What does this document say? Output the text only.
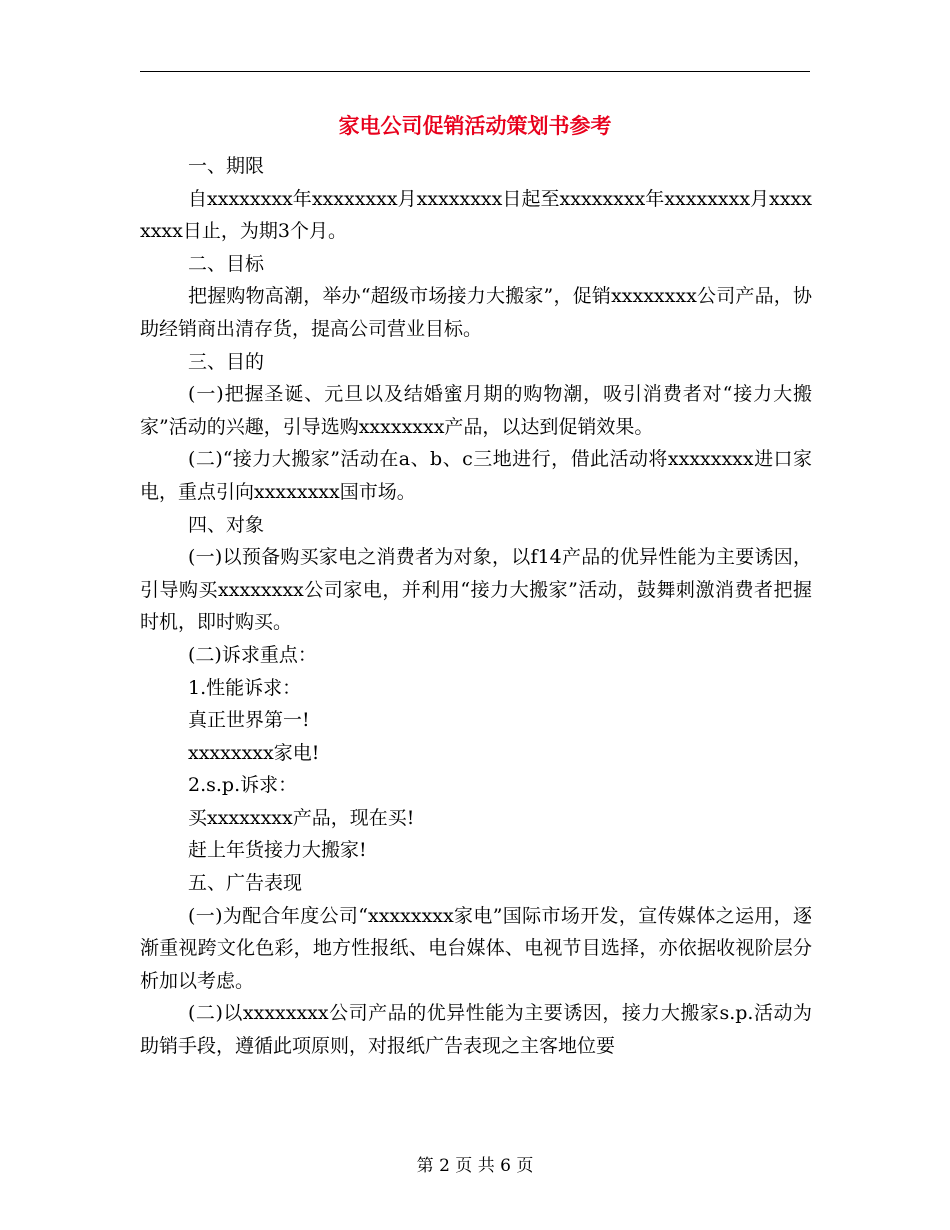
家电公司促销活动策划书参考

一、期限

自xxxxxxxx年xxxxxxxx月xxxxxxxx日起至xxxxxxxx年xxxxxxxx月xxxxxxxx日止，为期3个月。

二、目标

把握购物高潮，举办“超级市场接力大搬家”，促销xxxxxxxx公司产品，协助经销商出清存货，提高公司营业目标。

三、目的

(一)把握圣诞、元旦以及结婚蜜月期的购物潮，吸引消费者对“接力大搬家”活动的兴趣，引导选购xxxxxxxx产品，以达到促销效果。

(二)“接力大搬家”活动在a、b、c三地进行，借此活动将xxxxxxxx进口家电，重点引向xxxxxxxx国市场。

四、对象

(一)以预备购买家电之消费者为对象，以f14产品的优异性能为主要诱因，引导购买xxxxxxxx公司家电，并利用“接力大搬家”活动，鼓舞刺激消费者把握时机，即时购买。

(二)诉求重点：

1.性能诉求：

真正世界第一!

xxxxxxxx家电!

2.s.p.诉求：

买xxxxxxxx产品，现在买!

赶上年货接力大搬家!

五、广告表现

(一)为配合年度公司“xxxxxxxx家电”国际市场开发，宣传媒体之运用，逐渐重视跨文化色彩，地方性报纸、电台媒体、电视节目选择，亦依据收视阶层分析加以考虑。

(二)以xxxxxxxx公司产品的优异性能为主要诱因，接力大搬家s.p.活动为助销手段，遵循此项原则，对报纸广告表现之主客地位要

第 2 页 共 6 页
